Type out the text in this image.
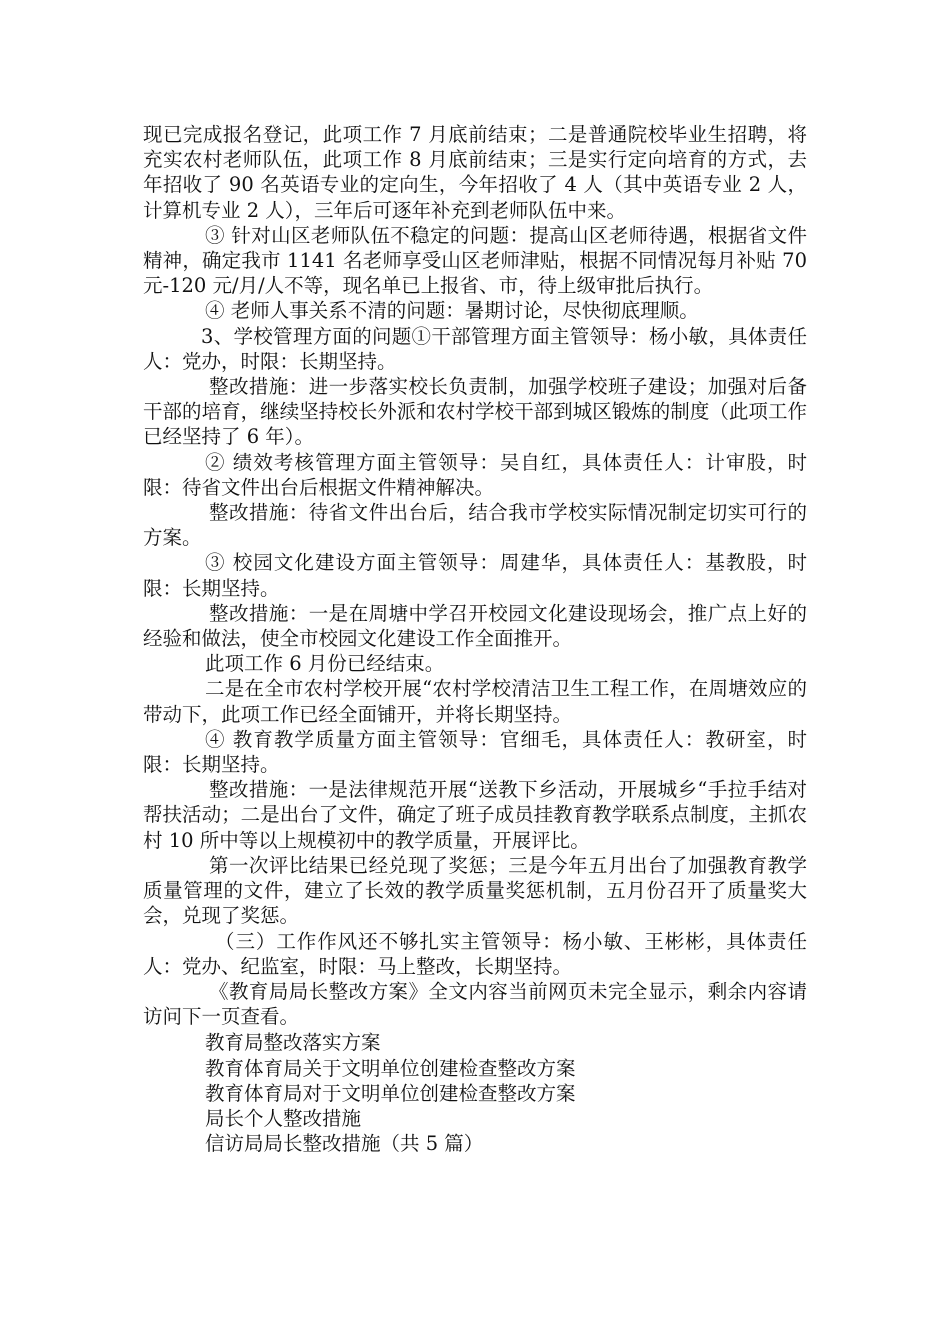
现已完成报名登记，此项工作 7 月底前结束；二是普通院校毕业生招聘，将充实农村老师队伍，此项工作 8 月底前结束；三是实行定向培育的方式，去年招收了 90 名英语专业的定向生，今年招收了 4 人（其中英语专业 2 人，计算机专业 2 人），三年后可逐年补充到老师队伍中来。

③ 针对山区老师队伍不稳定的问题：提高山区老师待遇，根据省文件精神，确定我市 1141 名老师享受山区老师津贴，根据不同情况每月补贴 70 元-120 元/月/人不等，现名单已上报省、市，待上级审批后执行。

④ 老师人事关系不清的问题：暑期讨论，尽快彻底理顺。

3、学校管理方面的问题①干部管理方面主管领导：杨小敏，具体责任人：党办，时限：长期坚持。

整改措施：进一步落实校长负责制，加强学校班子建设；加强对后备干部的培育，继续坚持校长外派和农村学校干部到城区锻炼的制度（此项工作已经坚持了 6 年）。

② 绩效考核管理方面主管领导：吴自红，具体责任人：计审股，时限：待省文件出台后根据文件精神解决。

整改措施：待省文件出台后，结合我市学校实际情况制定切实可行的方案。

③ 校园文化建设方面主管领导：周建华，具体责任人：基教股，时限：长期坚持。

整改措施：一是在周塘中学召开校园文化建设现场会，推广点上好的经验和做法，使全市校园文化建设工作全面推开。

此项工作 6 月份已经结束。

二是在全市农村学校开展“农村学校清洁卫生工程工作，在周塘效应的带动下，此项工作已经全面铺开，并将长期坚持。

④ 教育教学质量方面主管领导：官细毛，具体责任人：教研室，时限：长期坚持。

整改措施：一是法律规范开展“送教下乡活动，开展城乡“手拉手结对帮扶活动；二是出台了文件，确定了班子成员挂教育教学联系点制度，主抓农村 10 所中等以上规模初中的教学质量，开展评比。

第一次评比结果已经兑现了奖惩；三是今年五月出台了加强教育教学质量管理的文件，建立了长效的教学质量奖惩机制，五月份召开了质量奖大会，兑现了奖惩。

（三）工作作风还不够扎实主管领导：杨小敏、王彬彬，具体责任人：党办、纪监室，时限：马上整改，长期坚持。

《教育局局长整改方案》全文内容当前网页未完全显示，剩余内容请访问下一页查看。

教育局整改落实方案

教育体育局关于文明单位创建检查整改方案

教育体育局对于文明单位创建检查整改方案

局长个人整改措施

信访局局长整改措施（共 5 篇）
